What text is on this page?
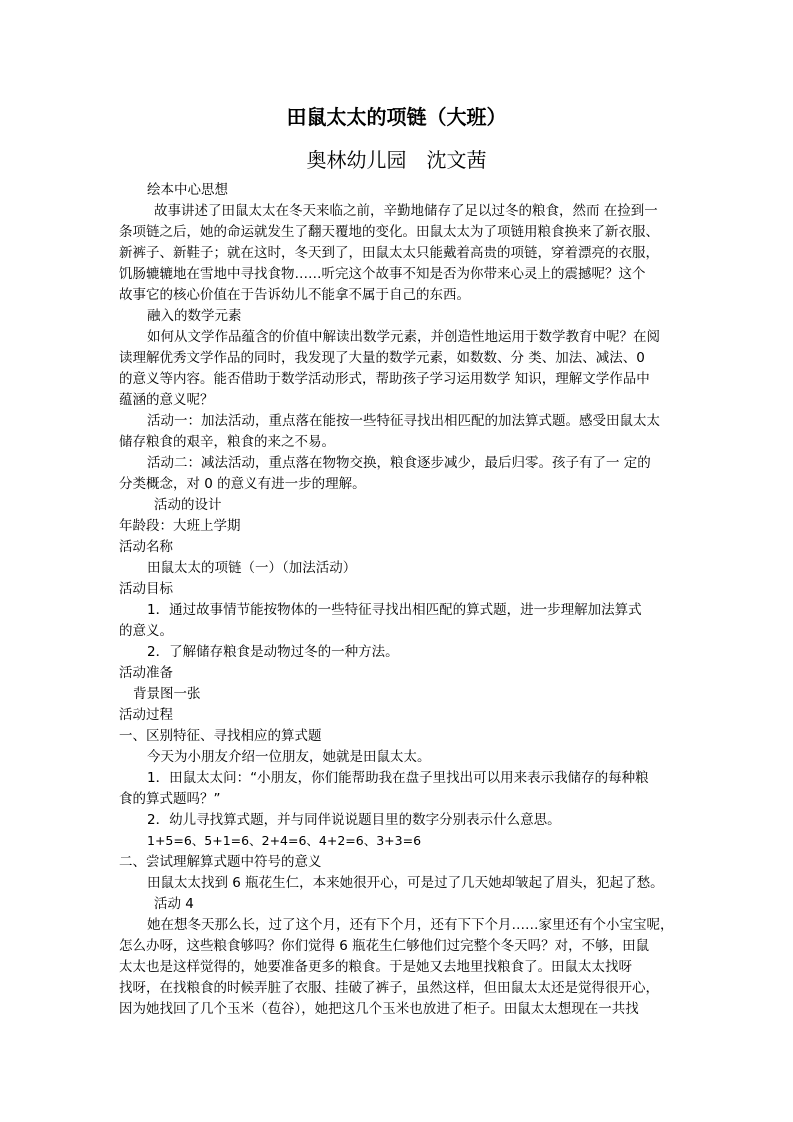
田鼠太太的项链（大班）
奥林幼儿园　沈文茜
绘本中心思想
故事讲述了田鼠太太在冬天来临之前，辛勤地储存了足以过冬的粮食，然而 在捡到一
条项链之后，她的命运就发生了翻天覆地的变化。田鼠太太为了项链用粮食换来了新衣服、
新裤子、新鞋子；就在这时，冬天到了，田鼠太太只能戴着高贵的项链，穿着漂亮的衣服，
饥肠辘辘地在雪地中寻找食物……听完这个故事不知是否为你带来心灵上的震撼呢？这个
故事它的核心价值在于告诉幼儿不能拿不属于自己的东西。
融入的数学元素
如何从文学作品蕴含的价值中解读出数学元素，并创造性地运用于数学教育中呢？在阅
读理解优秀文学作品的同时，我发现了大量的数学元素，如数数、分 类、加法、减法、0
的意义等内容。能否借助于数学活动形式，帮助孩子学习运用数学 知识，理解文学作品中
蕴涵的意义呢？
活动一：加法活动，重点落在能按一些特征寻找出相匹配的加法算式题。感受田鼠太太
储存粮食的艰辛，粮食的来之不易。
活动二：减法活动，重点落在物物交换，粮食逐步减少，最后归零。孩子有了一 定的
分类概念，对 0 的意义有进一步的理解。
活动的设计
年龄段：大班上学期
活动名称
田鼠太太的项链（一）（加法活动）
活动目标
1．通过故事情节能按物体的一些特征寻找出相匹配的算式题，进一步理解加法算式
的意义。
2．了解储存粮食是动物过冬的一种方法。
活动准备
背景图一张
活动过程
一、区别特征、寻找相应的算式题
今天为小朋友介绍一位朋友，她就是田鼠太太。
1．田鼠太太问：“小朋友，你们能帮助我在盘子里找出可以用来表示我储存的每种粮
食的算式题吗？”
2．幼儿寻找算式题，并与同伴说说题目里的数字分别表示什么意思。
1+5=6、5+1=6、2+4=6、4+2=6、3+3=6
二、尝试理解算式题中符号的意义
田鼠太太找到 6 瓶花生仁，本来她很开心，可是过了几天她却皱起了眉头，犯起了愁。
活动 4
她在想冬天那么长，过了这个月，还有下个月，还有下下个月……家里还有个小宝宝呢，
怎么办呀，这些粮食够吗？你们觉得 6 瓶花生仁够他们过完整个冬天吗？对，不够，田鼠
太太也是这样觉得的，她要准备更多的粮食。于是她又去地里找粮食了。田鼠太太找呀
找呀，在找粮食的时候弄脏了衣服、挂破了裤子，虽然这样，但田鼠太太还是觉得很开心，
因为她找回了几个玉米（苞谷），她把这几个玉米也放进了柜子。田鼠太太想现在一共找
